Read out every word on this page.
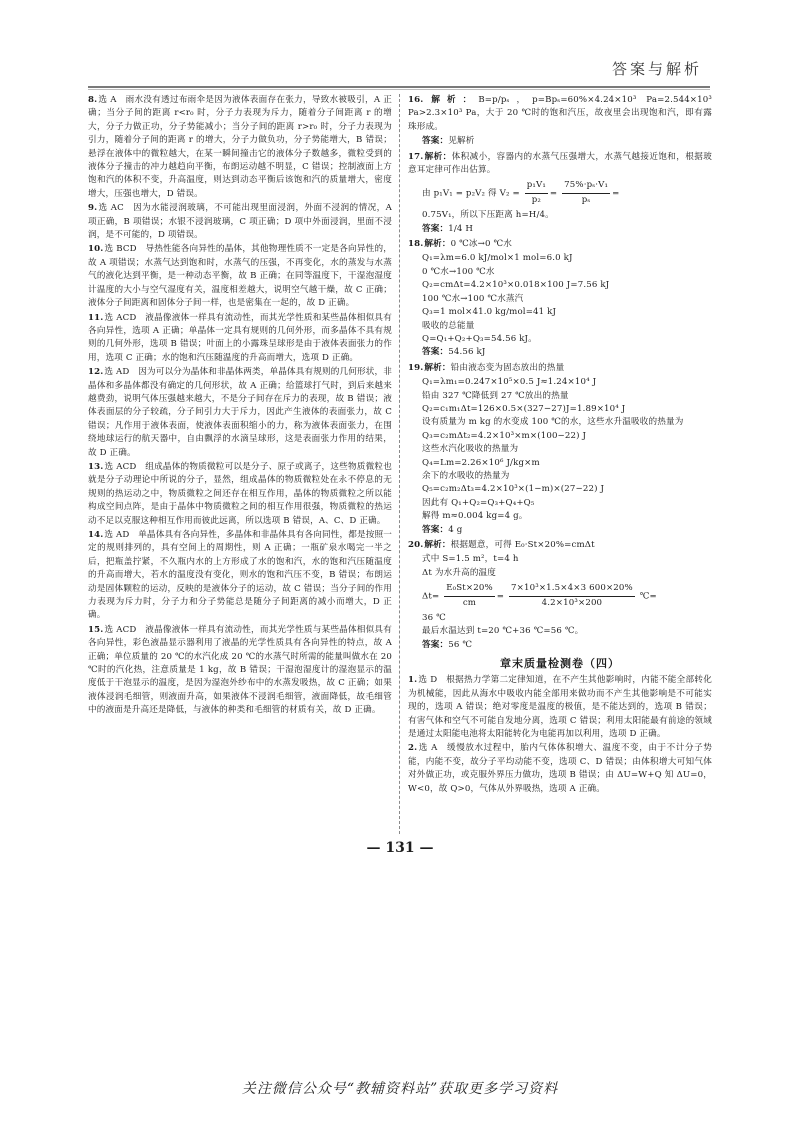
答案与解析

8.选 A　雨水没有透过布雨伞是因为液体表面存在张力，导致水被吸引，A 正确；当分子间的距离 r<r₀ 时，分子力表现为斥力，随着分子间距离 r 的增大，分子力做正功，分子势能减小；当分子间的距离 r>r₀ 时，分子力表现为引力，随着分子间的距离 r 的增大，分子力做负功，分子势能增大，B 错误；悬浮在液体中的微粒越大，在某一瞬间撞击它的液体分子数越多，微粒受到的液体分子撞击的冲力越趋向平衡，布朗运动越不明显，C 错误；控制液面上方饱和汽的体积不变，升高温度，则达到动态平衡后该饱和汽的质量增大，密度增大，压强也增大，D 错误。

9.选 AC　因为水能浸润玻璃，不可能出现里面浸润，外面不浸润的情况，A 项正确，B 项错误；水银不浸润玻璃，C 项正确；D 项中外面浸润，里面不浸润，是不可能的，D 项错误。

10.选 BCD　导热性能各向异性的晶体，其他物理性质不一定是各向异性的，故 A 项错误；水蒸气达到饱和时，水蒸气的压强，不再变化，水的蒸发与水蒸气的液化达到平衡，是一种动态平衡，故 B 正确；在同等温度下，干湿泡湿度计温度的大小与空气湿度有关，温度相差越大，说明空气越干燥，故 C 正确；液体分子间距离和固体分子间一样，也是密集在一起的，故 D 正确。

11.选 ACD　液晶像液体一样具有流动性，而其光学性质和某些晶体相似具有各向异性，选项 A 正确；单晶体一定具有规则的几何外形，而多晶体不具有规则的几何外形，选项 B 错误；叶面上的小露珠呈球形是由于液体表面张力的作用，选项 C 正确；水的饱和汽压随温度的升高而增大，选项 D 正确。

12.选 AD　因为可以分为晶体和非晶体两类，单晶体具有规则的几何形状，非晶体和多晶体都没有确定的几何形状，故 A 正确；给篮球打气时，到后来越来越费劲，说明气体压强越来越大，不是分子间存在斥力的表现，故 B 错误；液体表面层的分子较疏，分子间引力大于斥力，因此产生液体的表面张力，故 C 错误；凡作用于液体表面，使液体表面积缩小的力，称为液体表面张力，在围绕地球运行的航天器中，自由飘浮的水滴呈球形，这是表面张力作用的结果，故 D 正确。

13.选 ACD　组成晶体的物质微粒可以是分子、原子或离子，这些物质微粒也就是分子动理论中所说的分子，显然，组成晶体的物质微粒处在永不停息的无规则的热运动之中，物质微粒之间还存在相互作用，晶体的物质微粒之所以能构成空间点阵，是由于晶体中物质微粒之间的相互作用很强，物质微粒的热运动不足以克服这种相互作用而彼此远离，所以选项 B 错误，A、C、D 正确。

14.选 AD　单晶体具有各向异性，多晶体和非晶体具有各向同性，都是按照一定的规则排列的，具有空间上的周期性，则 A 正确；一瓶矿泉水喝完一半之后，把瓶盖拧紧，不久瓶内水的上方形成了水的饱和汽，水的饱和汽压随温度的升高而增大，若水的温度没有变化，则水的饱和汽压不变，B 错误；布朗运动是固体颗粒的运动，反映的是液体分子的运动，故 C 错误；当分子间的作用力表现为斥力时，分子力和分子势能总是随分子间距离的减小而增大，D 正确。

15.选 ACD　液晶像液体一样具有流动性，而其光学性质与某些晶体相似具有各向异性，彩色液晶显示器利用了液晶的光学性质具有各向异性的特点，故 A 正确；单位质量的 20 ℃的水汽化成 20 ℃的水蒸气时所需的能量叫做水在 20 ℃时的汽化热，注意质量是 1 kg，故 B 错误；干湿泡湿度计的湿泡显示的温度低于干泡显示的温度，是因为湿泡外纱布中的水蒸发吸热，故 C 正确；如果液体浸润毛细管，则液面升高，如果液体不浸润毛细管，液面降低，故毛细管中的液面是升高还是降低，与液体的种类和毛细管的材质有关，故 D 正确。

16.解析：B=p/pₛ，p=Bpₛ=60%×4.24×10³ Pa=2.544×10³ Pa>2.3×10³ Pa，大于 20 ℃时的饱和汽压，故夜里会出现饱和汽，即有露珠形成。

答案：见解析

17.解析：体积减小，容器内的水蒸气压强增大，水蒸气越接近饱和，根据玻意耳定律可作出估算。

由 p₁V₁ = p₂V₂ 得 $V_2 = \frac{\text{p₁V₁}}{\text{p₂}} = \frac{\text{75\%·pₛ·V₁}}{\text{pₛ}}$ =

0.75V₁，所以下压距离 h=H/4。

答案：1/4 H

18.解析：0 ℃冰→0 ℃水

Q₁=λm=6.0 kJ/mol×1 mol=6.0 kJ

0 ℃水→100 ℃水

Q₂=cmΔt=4.2×10³×0.018×100 J=7.56 kJ

100 ℃水→100 ℃水蒸汽

Q₃=1 mol×41.0 kg/mol=41 kJ

吸收的总能量

Q=Q₁+Q₂+Q₃=54.56 kJ。

答案：54.56 kJ

19.解析：铅由液态变为固态放出的热量

Q₁=λm₁=0.247×10⁵×0.5 J≈1.24×10⁴ J

铅由 327 ℃降低到 27 ℃放出的热量

Q₂=c₁m₁Δt=126×0.5×(327−27)J=1.89×10⁴ J

设有质量为 m kg 的水变成 100 ℃的水，这些水升温吸收的热量为

Q₃=c₂mΔt₂=4.2×10³×m×(100−22) J

这些水汽化吸收的热量为

Q₄=Lm=2.26×10⁶ J/kg×m

余下的水吸收的热量为

Q₅=c₂m₂Δt₃=4.2×10³×(1−m)×(27−22) J

因此有 Q₁+Q₂=Q₃+Q₄+Q₅

解得 m≈0.004 kg=4 g。

答案：4 g

20.解析：根据题意，可得 E₀·St×20%=cmΔt

式中 S=1.5 m²，t=4 h

Δt 为水升高的温度

$\Delta t= \frac{\text{E₀St×20\%}}{cm} = \frac{\text{7×10³×1.5×4×3 600×20\%}}{\text{4.2×10³×200}}$ ℃=

36 ℃

最后水温达到 t=20 ℃+36 ℃=56 ℃。

答案：56 ℃

章末质量检测卷（四）

1.选 D　根据热力学第二定律知道，在不产生其他影响时，内能不能全部转化为机械能，因此从海水中吸收内能全部用来做功而不产生其他影响是不可能实现的，选项 A 错误；绝对零度是温度的极值，是不能达到的，选项 B 错误；有害气体和空气不可能自发地分离，选项 C 错误；利用太阳能最有前途的领域是通过太阳能电池将太阳能转化为电能再加以利用，选项 D 正确。

2.选 A　缓慢放水过程中，胎内气体体积增大、温度不变，由于不计分子势能，内能不变，故分子平均动能不变，选项 C、D 错误；由体积增大可知气体对外做正功，或克服外界压力做功，选项 B 错误；由 ΔU=W+Q 知 ΔU=0，W<0，故 Q>0，气体从外界吸热，选项 A 正确。

— 131 —
关注微信公众号“教辅资料站”获取更多学习资料
